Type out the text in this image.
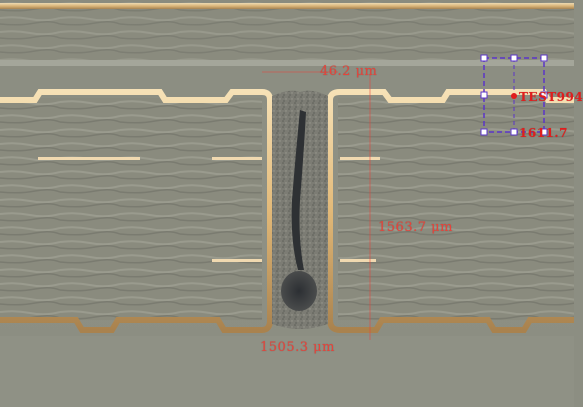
46.2 μm
1563.7 μm
1505.3 μm
TEST994
1611.7
